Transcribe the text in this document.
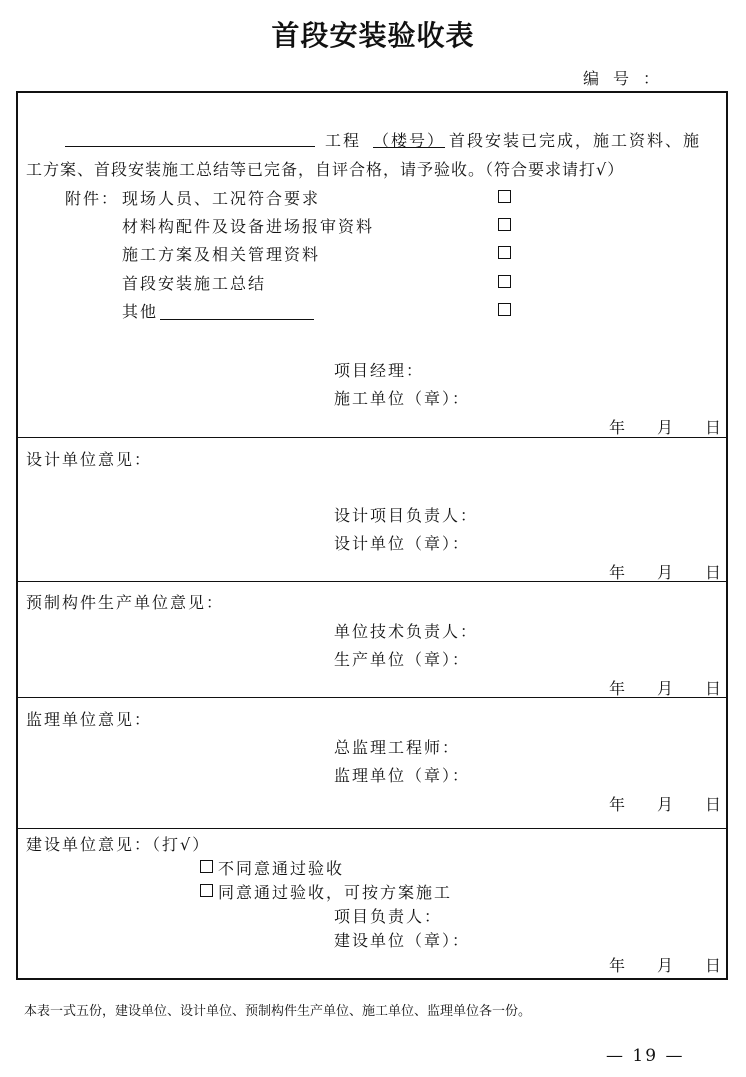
首段安装验收表
编号：
工程 （楼号） 首段安装已完成，施工资料、施
工方案、首段安装施工总结等已完备，自评合格，请予验收。（符合要求请打√）
附件： 现场人员、工况符合要求
材料构配件及设备进场报审资料
施工方案及相关管理资料
首段安装施工总结
其他
项目经理：
施工单位（章）：
年 月 日
设计单位意见：
设计项目负责人：
设计单位（章）：
年 月 日
预制构件生产单位意见：
单位技术负责人：
生产单位（章）：
年 月 日
监理单位意见：
总监理工程师：
监理单位（章）：
年 月 日
建设单位意见：（打√）
不同意通过验收
同意通过验收，可按方案施工
项目负责人：
建设单位（章）：
年 月 日
本表一式五份，建设单位、设计单位、预制构件生产单位、施工单位、监理单位各一份。
— 19 —
